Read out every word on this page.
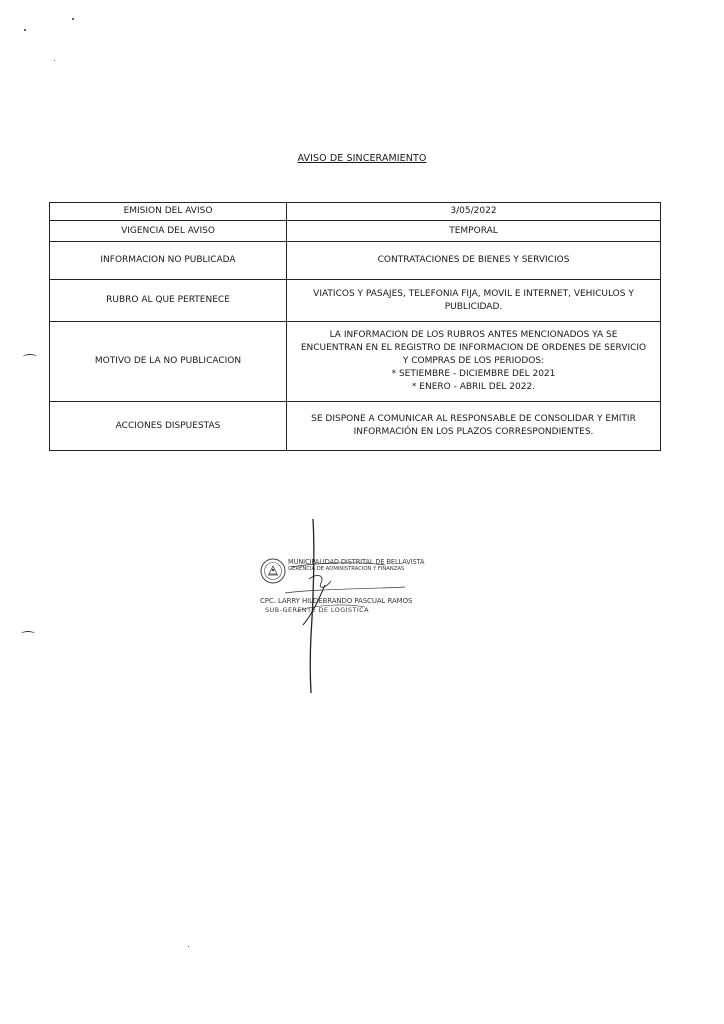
AVISO DE SINCERAMIENTO
EMISION DEL AVISO	3/05/2022

VIGENCIA DEL AVISO	TEMPORAL

INFORMACION NO PUBLICADA	CONTRATACIONES DE BIENES Y SERVICIOS

RUBRO AL QUE PERTENECE	VIATICOS Y PASAJES, TELEFONIA FIJA, MOVIL E INTERNET, VEHICULOS Y
PUBLICIDAD.

MOTIVO DE LA NO PUBLICACION	LA INFORMACION DE LOS RUBROS ANTES MENCIONADOS YA SE
ENCUENTRAN EN EL REGISTRO DE INFORMACION DE ORDENES DE SERVICIO
Y COMPRAS DE LOS PERIODOS:
* SETIEMBRE - DICIEMBRE DEL 2021
* ENERO - ABRIL DEL 2022.

ACCIONES DISPUESTAS	SE DISPONE A COMUNICAR AL RESPONSABLE DE CONSOLIDAR Y EMITIR
INFORMACIÓN EN LOS PLAZOS CORRESPONDIENTES.
MUNICIPALIDAD DISTRITAL DE BELLAVISTA
GERENCIA DE ADMINISTRACION Y FINANZAS
CPC. LARRY HILDEBRANDO PASCUAL RAMOS
SUB-GERENTE DE LOGÍSTICA
